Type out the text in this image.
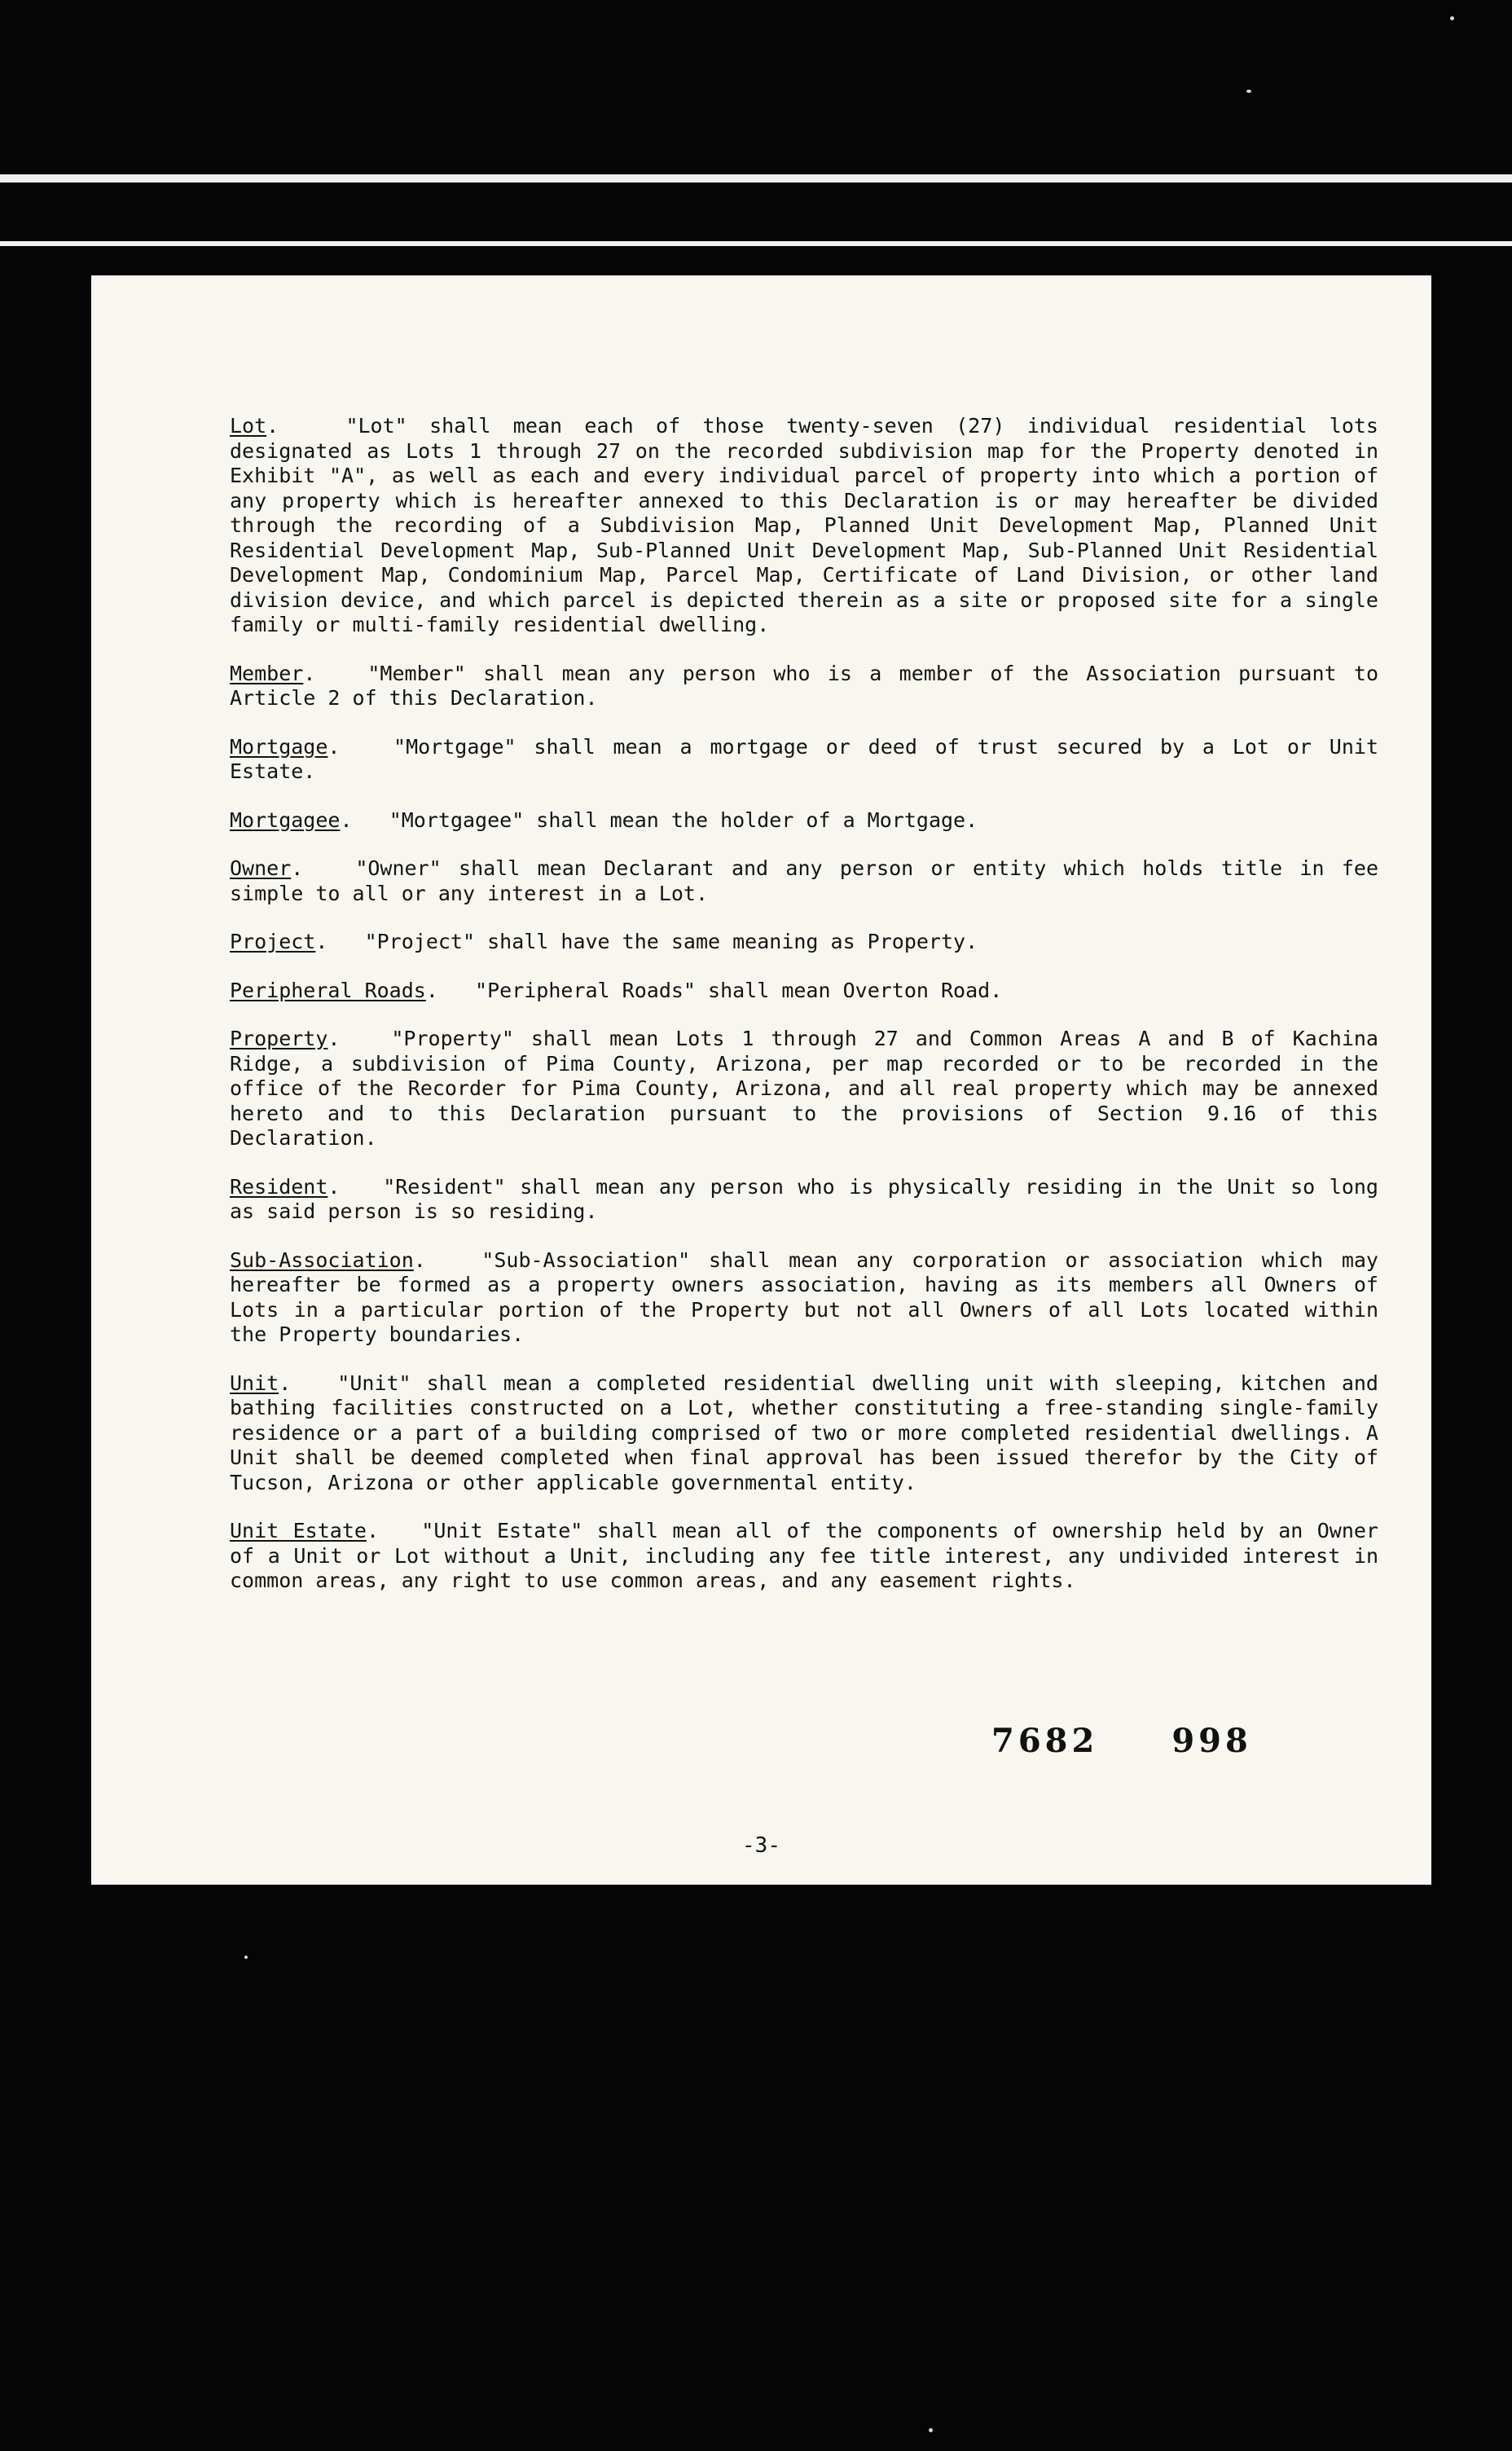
Lot.   "Lot" shall mean each of those twenty-seven (27) individual residential lots designated as Lots 1 through 27 on the recorded subdivision map for the Property denoted in Exhibit "A", as well as each and every individual parcel of property into which a portion of any property which is hereafter annexed to this Declaration is or may hereafter be divided through the recording of a Subdivision Map, Planned Unit Development Map, Planned Unit Residential Development Map, Sub-Planned Unit Development Map, Sub-Planned Unit Residential Development Map, Condominium Map, Parcel Map, Certificate of Land Division, or other land division device, and which parcel is depicted therein as a site or proposed site for a single family or multi-family residential dwelling.

Member.   "Member" shall mean any person who is a member of the Association pursuant to Article 2 of this Declaration.

Mortgage.   "Mortgage" shall mean a mortgage or deed of trust secured by a Lot or Unit Estate.

Mortgagee.   "Mortgagee" shall mean the holder of a Mortgage.

Owner.   "Owner" shall mean Declarant and any person or entity which holds title in fee simple to all or any interest in a Lot.

Project.   "Project" shall have the same meaning as Property.

Peripheral Roads.   "Peripheral Roads" shall mean Overton Road.

Property.   "Property" shall mean Lots 1 through 27 and Common Areas A and B of Kachina Ridge, a subdivision of Pima County, Arizona, per map recorded or to be recorded in the office of the Recorder for Pima County, Arizona, and all real property which may be annexed hereto and to this Declaration pursuant to the provisions of Section 9.16 of this Declaration.

Resident.   "Resident" shall mean any person who is physically residing in the Unit so long as said person is so residing.

Sub-Association.   "Sub-Association" shall mean any corporation or association which may hereafter be formed as a property owners association, having as its members all Owners of Lots in a particular portion of the Property but not all Owners of all Lots located within the Property boundaries.

Unit.   "Unit" shall mean a completed residential dwelling unit with sleeping, kitchen and bathing facilities constructed on a Lot, whether constituting a free-standing single-family residence or a part of a building comprised of two or more completed residential dwellings. A Unit shall be deemed completed when final approval has been issued therefor by the City of Tucson, Arizona or other applicable governmental entity.

Unit Estate.   "Unit Estate" shall mean all of the components of ownership held by an Owner of a Unit or Lot without a Unit, including any fee title interest, any undivided interest in common areas, any right to use common areas, and any easement rights.

7682 998
-3-
